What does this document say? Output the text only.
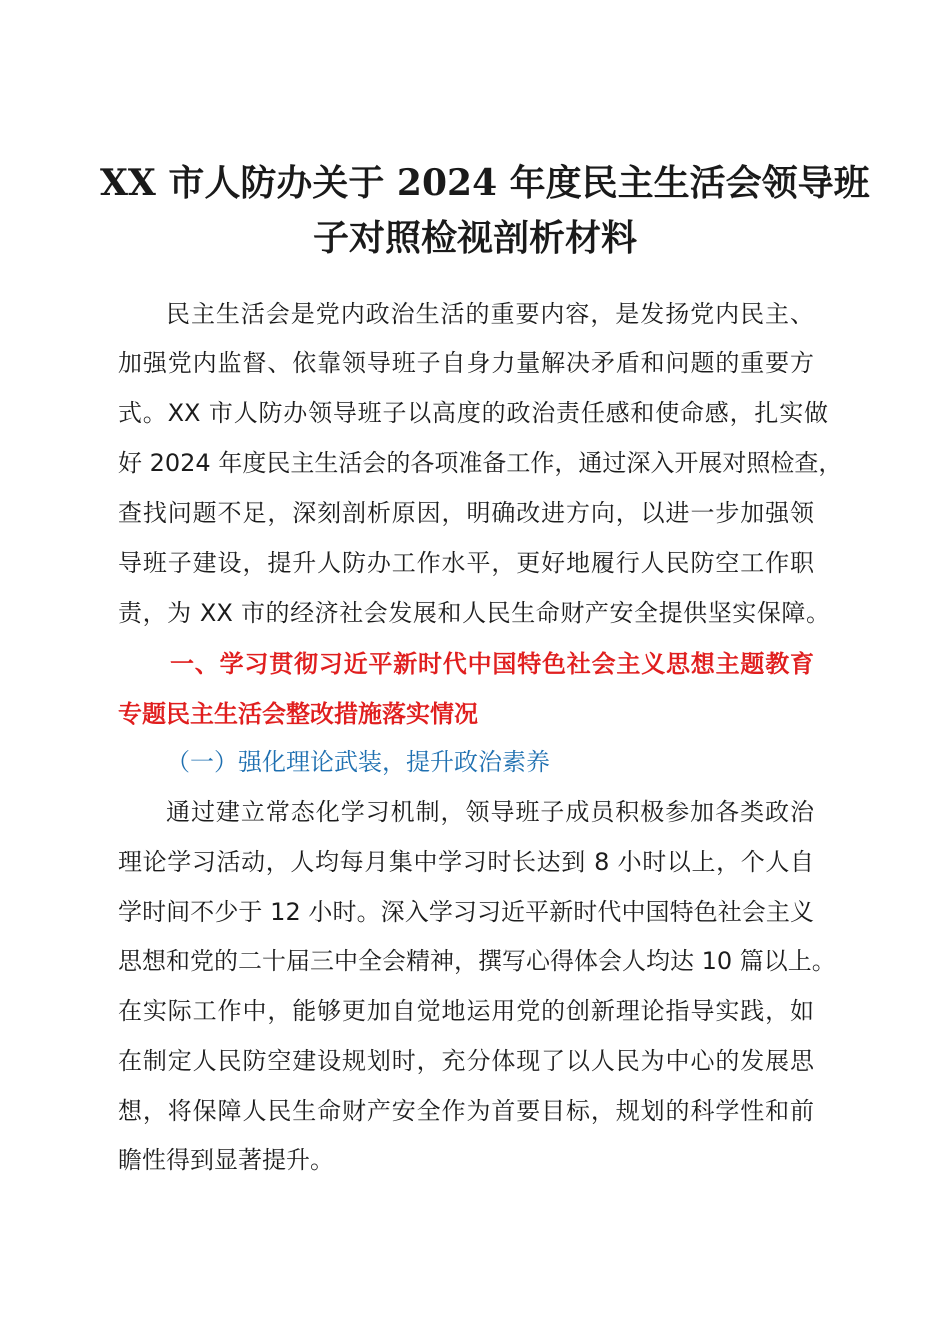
XX 市人防办关于 2024 年度民主生活会领导班
子对照检视剖析材料
民主生活会是党内政治生活的重要内容，是发扬党内民主、
加强党内监督、依靠领导班子自身力量解决矛盾和问题的重要方
式。XX 市人防办领导班子以高度的政治责任感和使命感，扎实做
好 2024 年度民主生活会的各项准备工作，通过深入开展对照检查，
查找问题不足，深刻剖析原因，明确改进方向，以进一步加强领
导班子建设，提升人防办工作水平，更好地履行人民防空工作职
责，为 XX 市的经济社会发展和人民生命财产安全提供坚实保障。
一、学习贯彻习近平新时代中国特色社会主义思想主题教育
专题民主生活会整改措施落实情况
（一）强化理论武装，提升政治素养
通过建立常态化学习机制，领导班子成员积极参加各类政治
理论学习活动，人均每月集中学习时长达到 8 小时以上，个人自
学时间不少于 12 小时。深入学习习近平新时代中国特色社会主义
思想和党的二十届三中全会精神，撰写心得体会人均达 10 篇以上。
在实际工作中，能够更加自觉地运用党的创新理论指导实践，如
在制定人民防空建设规划时，充分体现了以人民为中心的发展思
想，将保障人民生命财产安全作为首要目标，规划的科学性和前
瞻性得到显著提升。
